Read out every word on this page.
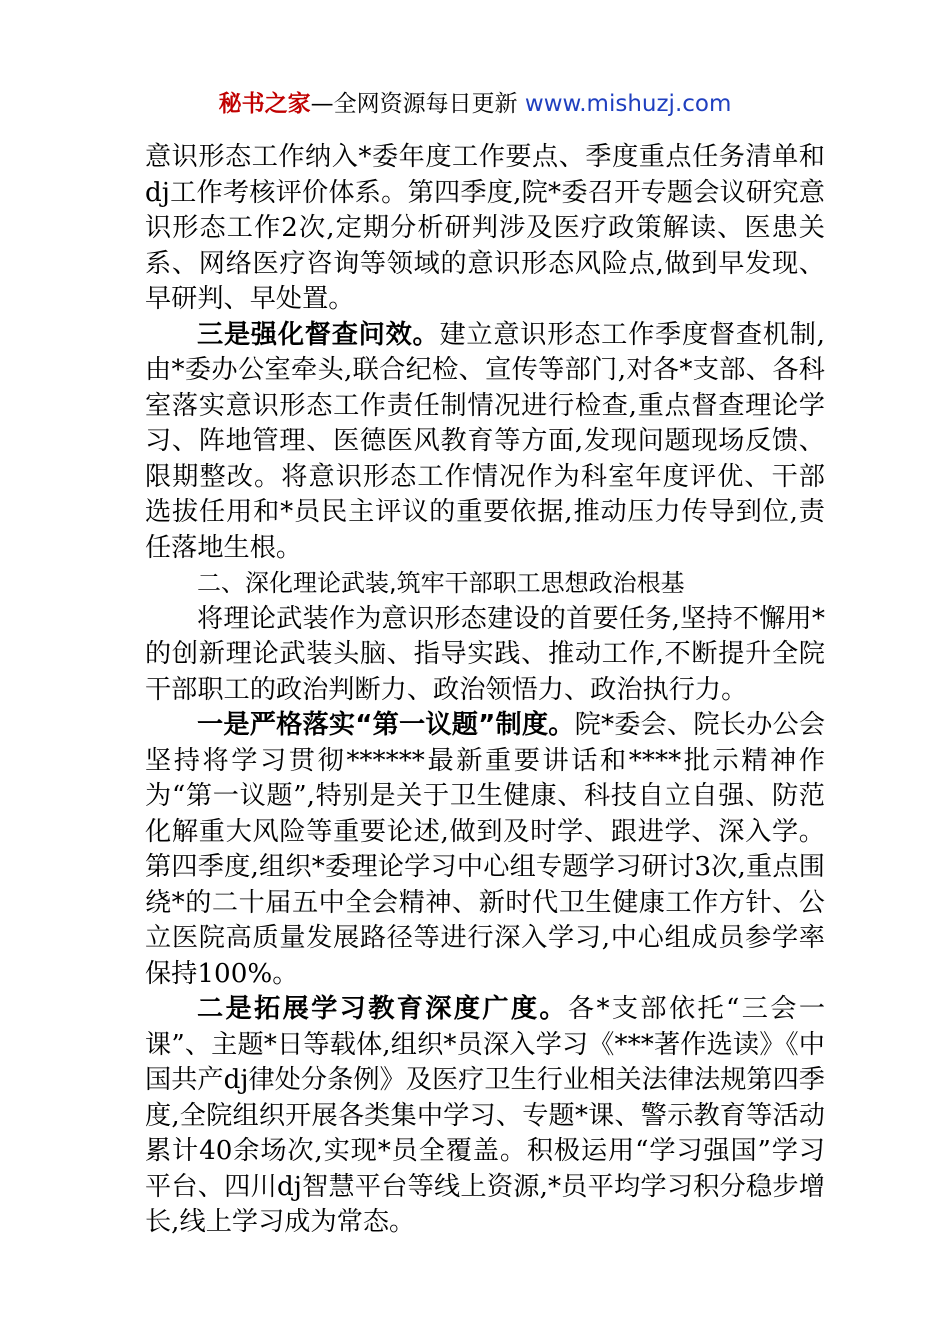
秘书之家—全网资源每日更新 www.mishuzj.com

意识形态工作纳入*委年度工作要点、季度重点任务清单和dj工作考核评价体系。第四季度,院*委召开专题会议研究意识形态工作2次,定期分析研判涉及医疗政策解读、医患关系、网络医疗咨询等领域的意识形态风险点,做到早发现、早研判、早处置。

三是强化督查问效。建立意识形态工作季度督查机制,由*委办公室牵头,联合纪检、宣传等部门,对各*支部、各科室落实意识形态工作责任制情况进行检查,重点督查理论学习、阵地管理、医德医风教育等方面,发现问题现场反馈、限期整改。将意识形态工作情况作为科室年度评优、干部选拔任用和*员民主评议的重要依据,推动压力传导到位,责任落地生根。

二、深化理论武装,筑牢干部职工思想政治根基

将理论武装作为意识形态建设的首要任务,坚持不懈用*的创新理论武装头脑、指导实践、推动工作,不断提升全院干部职工的政治判断力、政治领悟力、政治执行力。

一是严格落实“第一议题”制度。院*委会、院长办公会坚持将学习贯彻******最新重要讲话和****批示精神作为“第一议题”,特别是关于卫生健康、科技自立自强、防范化解重大风险等重要论述,做到及时学、跟进学、深入学。第四季度,组织*委理论学习中心组专题学习研讨3次,重点围绕*的二十届五中全会精神、新时代卫生健康工作方针、公立医院高质量发展路径等进行深入学习,中心组成员参学率保持100%。

二是拓展学习教育深度广度。各*支部依托“三会一课”、主题*日等载体,组织*员深入学习《***著作选读》《中国共产dj律处分条例》及医疗卫生行业相关法律法规第四季度,全院组织开展各类集中学习、专题*课、警示教育等活动累计40余场次,实现*员全覆盖。积极运用“学习强国”学习平台、四川dj智慧平台等线上资源,*员平均学习积分稳步增长,线上学习成为常态。
